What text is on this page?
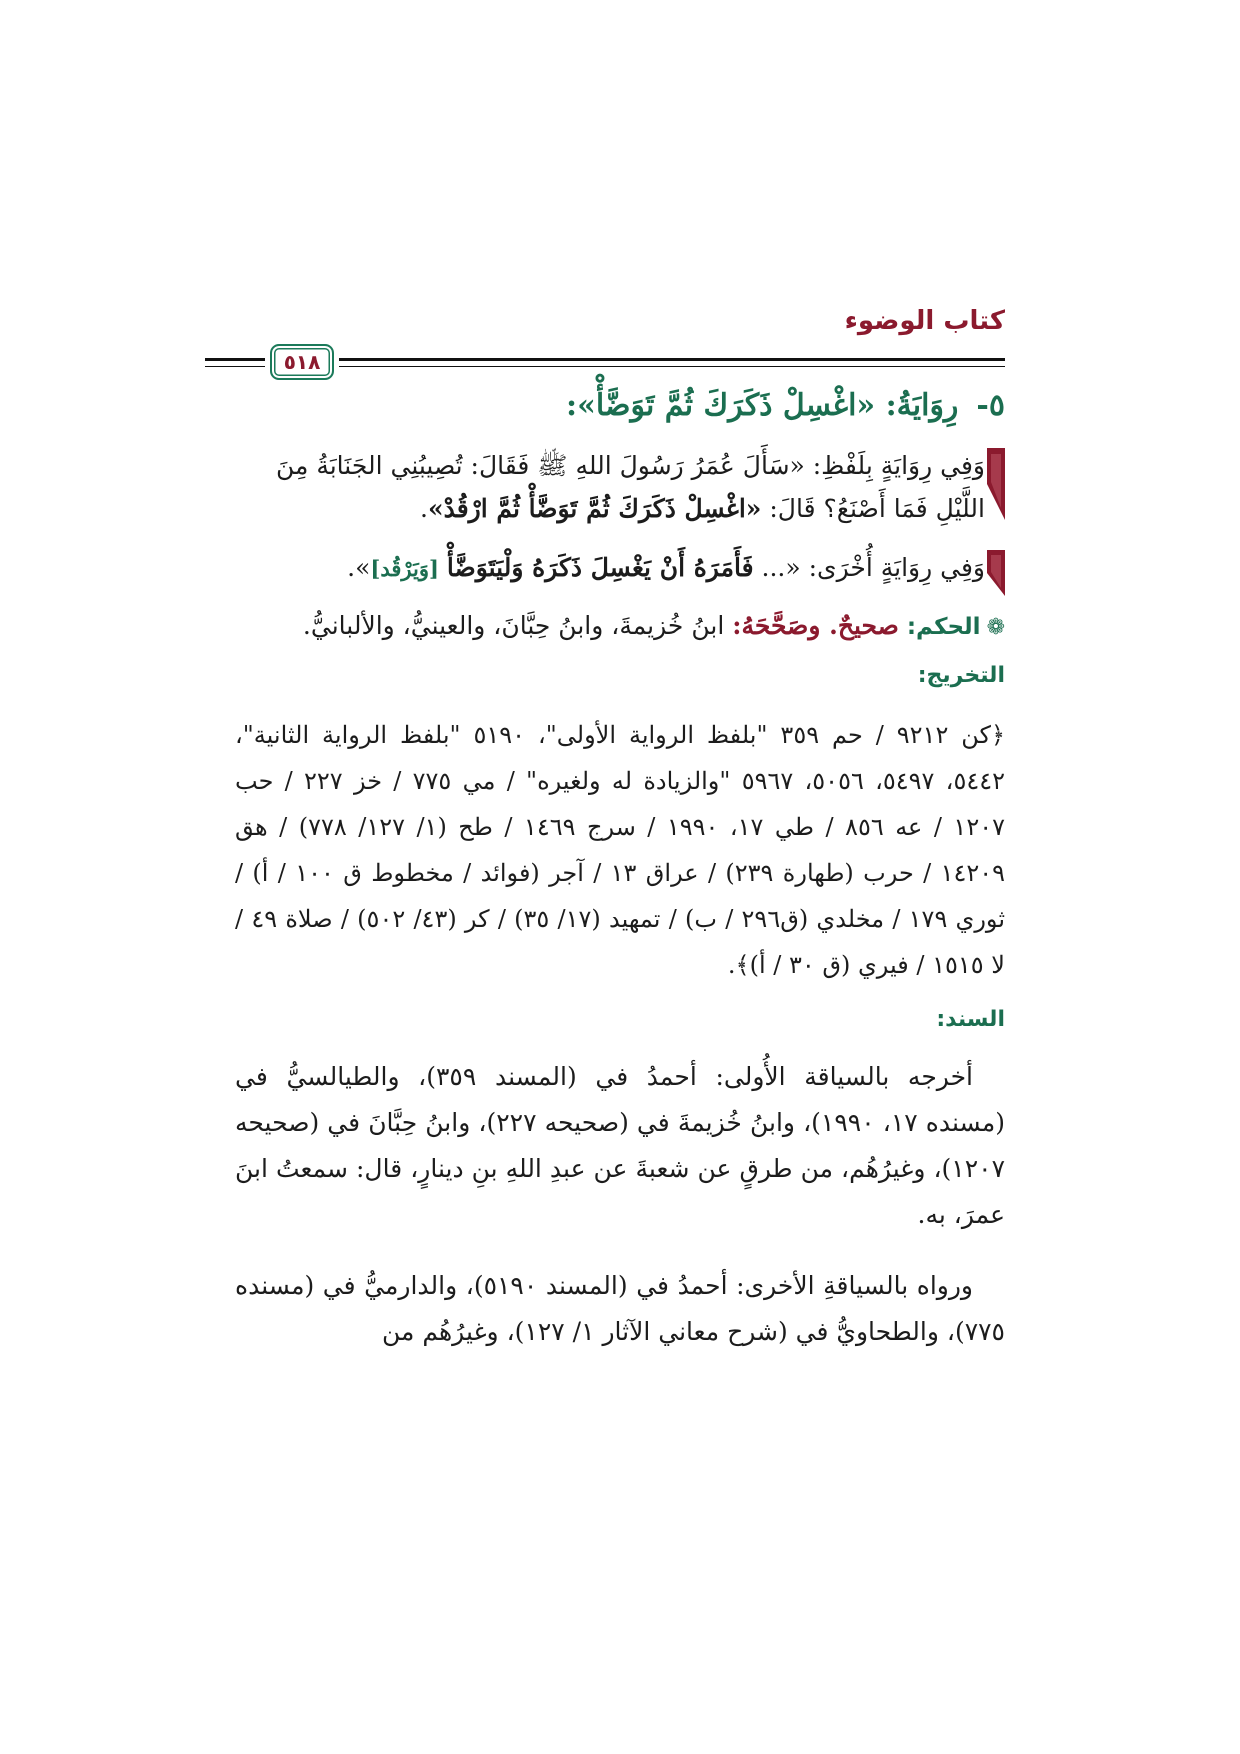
كتاب الوضوء
٥١٨
٥-رِوَايَةُ: «اغْسِلْ ذَكَرَكَ ثُمَّ تَوَضَّأْ»:
وَفِي رِوَايَةٍ بِلَفْظِ: «سَأَلَ عُمَرُ رَسُولَ اللهِ ﷺ فَقَالَ: تُصِيبُنِي الجَنَابَةُ مِنَ اللَّيْلِ فَمَا أَصْنَعُ؟ قَالَ: «اغْسِلْ ذَكَرَكَ ثُمَّ تَوَضَّأْ ثُمَّ ارْقُدْ».
وَفِي رِوَايَةٍ أُخْرَى: «... فَأَمَرَهُ أَنْ يَغْسِلَ ذَكَرَهُ وَلْيَتَوَضَّأْ [وَيَرْقُد]».
❁الحكم: صحيحٌ. وصَحَّحَهُ: ابنُ خُزيمةَ، وابنُ حِبَّانَ، والعينيُّ، والألبانيُّ.
التخريج:
﴿كن ٩٢١٢ / حم ٣٥٩ "بلفظ الرواية الأولى"، ٥١٩٠ "بلفظ الرواية الثانية"، ٥٤٤٢، ٥٤٩٧، ٥٠٥٦، ٥٩٦٧ "والزيادة له ولغيره" / مي ٧٧٥ / خز ٢٢٧ / حب ١٢٠٧ / عه ٨٥٦ / طي ١٧، ١٩٩٠ / سرج ١٤٦٩ / طح (١/ ١٢٧/ ٧٧٨) / هق ١٤٢٠٩ / حرب (طهارة ٢٣٩) / عراق ١٣ / آجر (فوائد / مخطوط ق ١٠٠ / أ) / ثوري ١٧٩ / مخلدي (ق٢٩٦ / ب) / تمهيد (١٧/ ٣٥) / كر (٤٣/ ٥٠٢) / صلاة ٤٩ / لا ١٥١٥ / فيري (ق ٣٠ / أ)﴾.
السند:

أخرجه بالسياقة الأُولى: أحمدُ في (المسند ٣٥٩)، والطيالسيُّ في (مسنده ١٧، ١٩٩٠)، وابنُ خُزيمةَ في (صحيحه ٢٢٧)، وابنُ حِبَّانَ في (صحيحه ١٢٠٧)، وغيرُهُم، من طرقٍ عن شعبةَ عن عبدِ اللهِ بنِ دينارٍ، قال: سمعتُ ابنَ عمرَ، به.

ورواه بالسياقةِ الأخرى: أحمدُ في (المسند ٥١٩٠)، والدارميُّ في (مسنده ٧٧٥)، والطحاويُّ في (شرح معاني الآثار ١/ ١٢٧)، وغيرُهُم من
